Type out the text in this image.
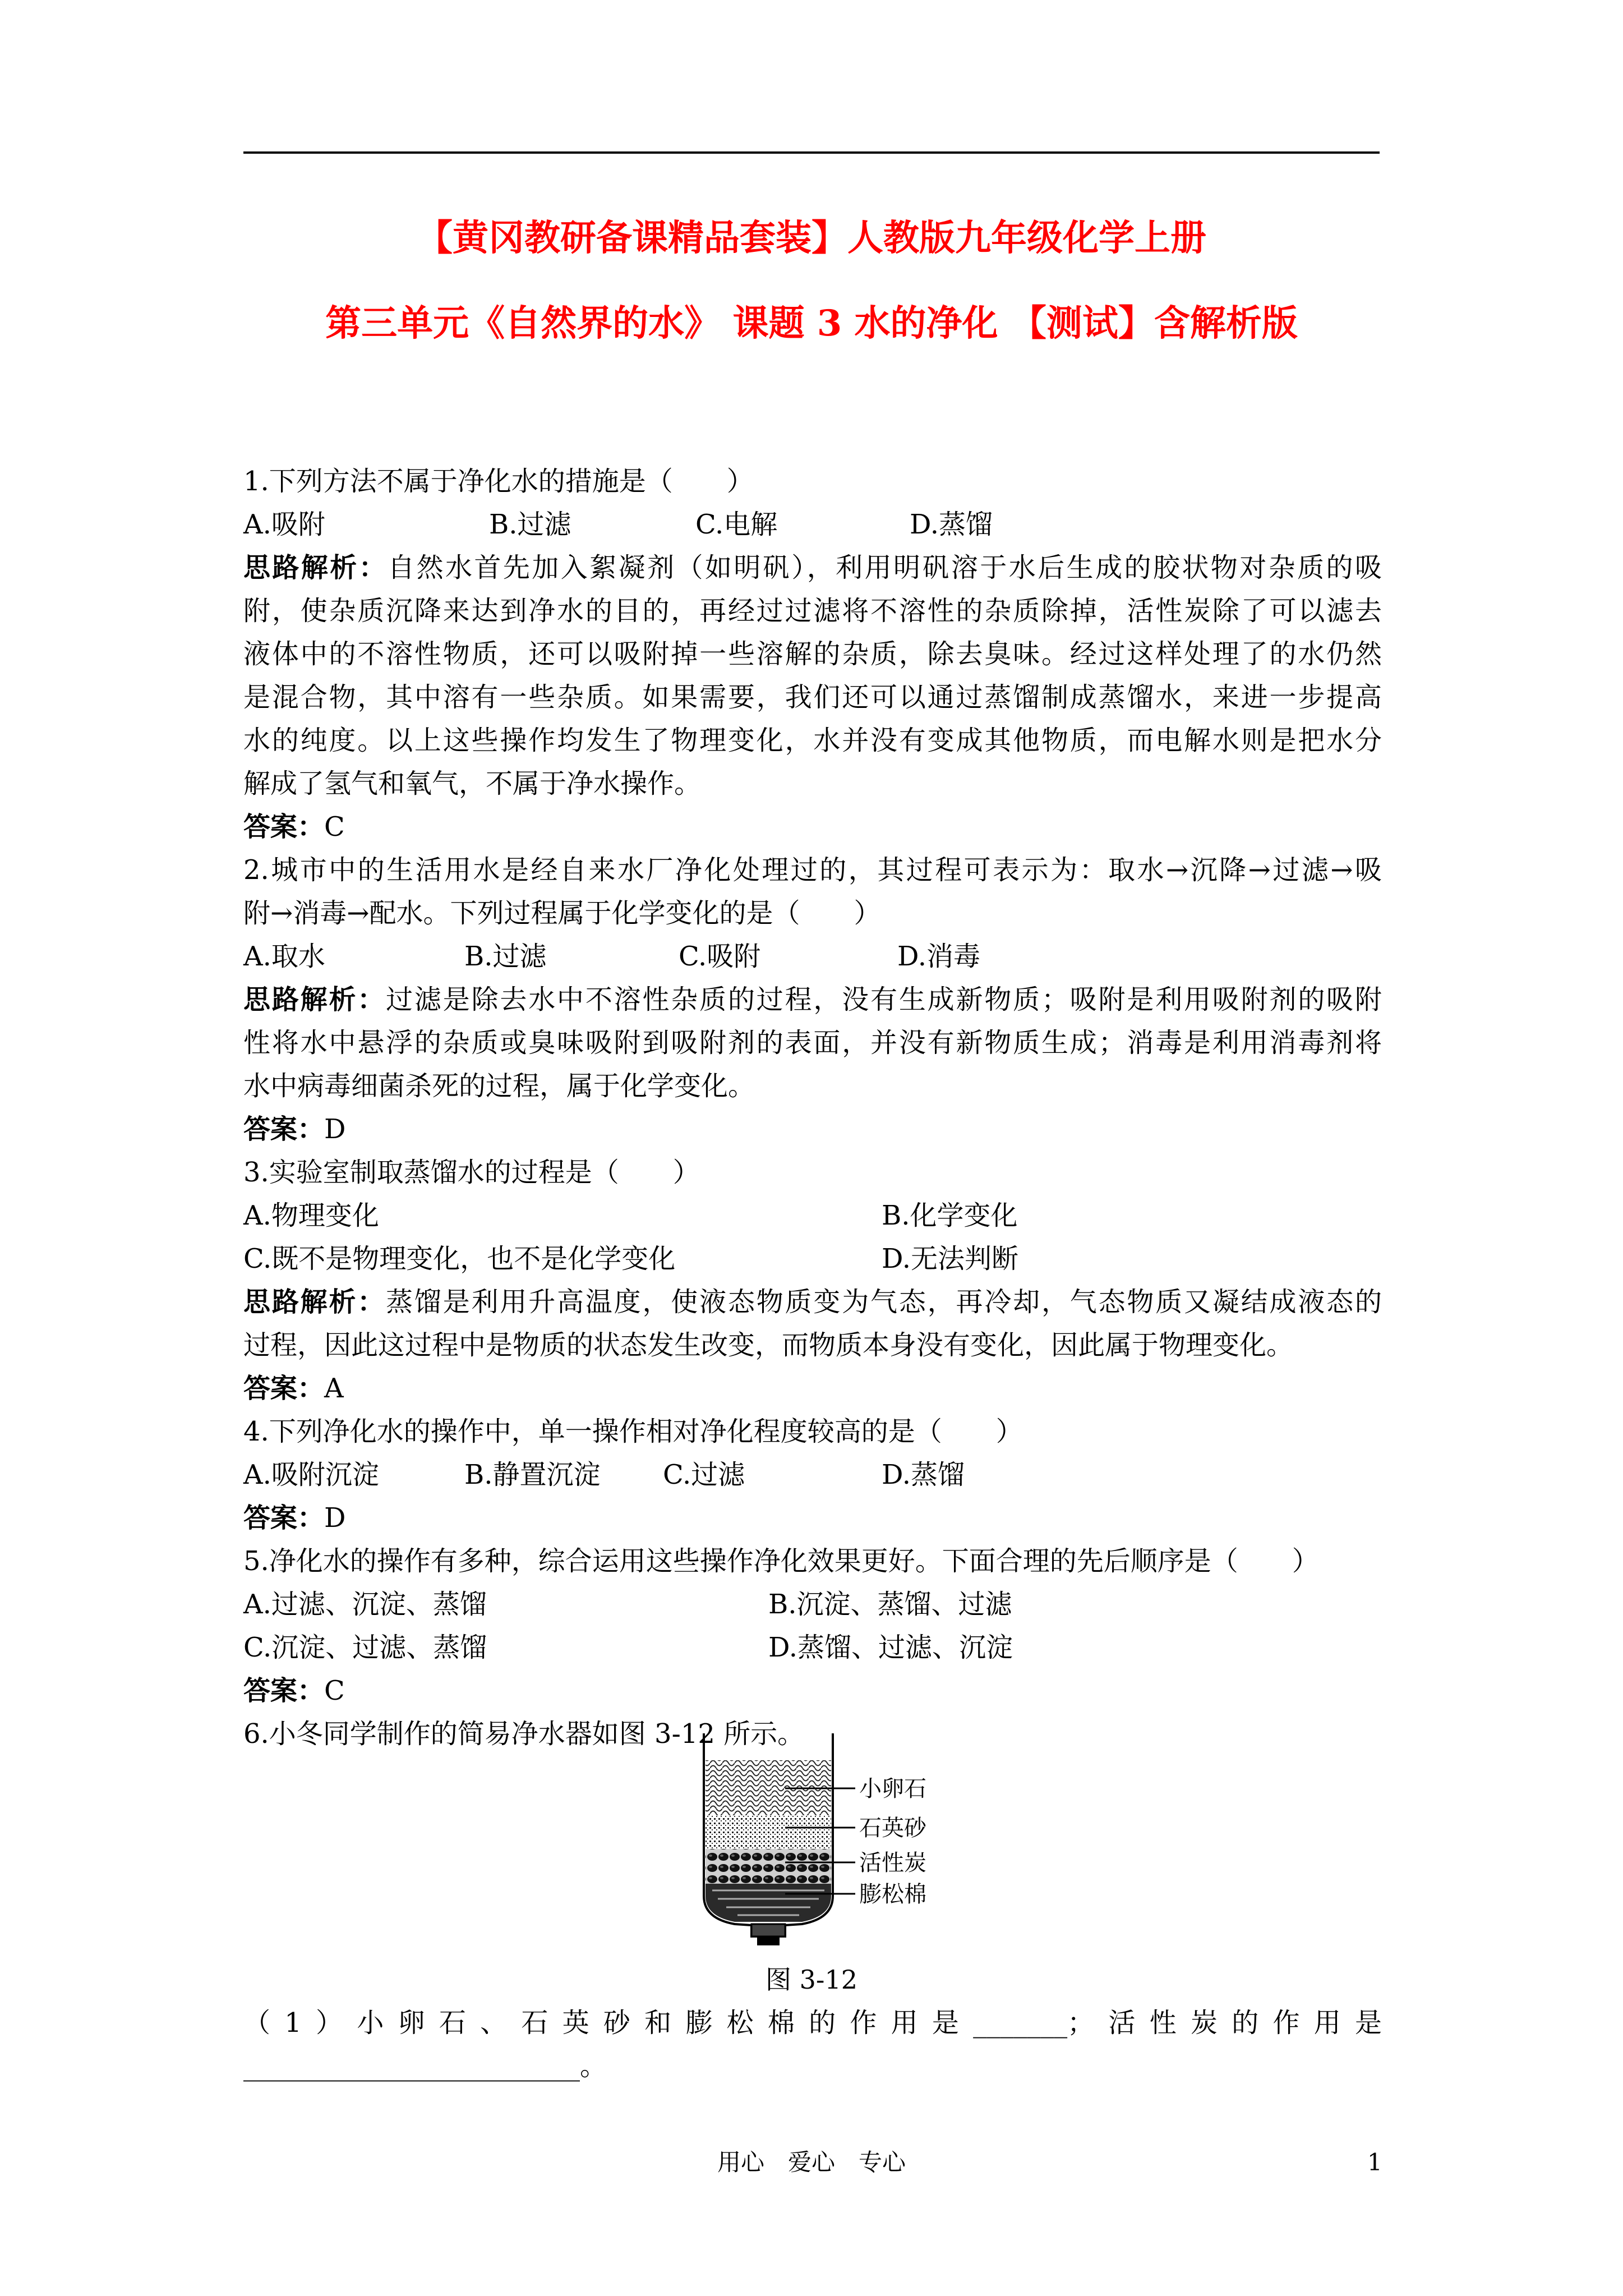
【黄冈教研备课精品套装】人教版九年级化学上册
第三单元《自然界的水》 课题 3 水的净化 【测试】含解析版
1.下列方法不属于净化水的措施是（　　）
A.吸附	B.过滤	C.电解	D.蒸馏
思路解析：自然水首先加入絮凝剂（如明矾），利用明矾溶于水后生成的胶状物对杂质的吸
附，使杂质沉降来达到净水的目的，再经过过滤将不溶性的杂质除掉，活性炭除了可以滤去
液体中的不溶性物质，还可以吸附掉一些溶解的杂质，除去臭味。经过这样处理了的水仍然
是混合物，其中溶有一些杂质。如果需要，我们还可以通过蒸馏制成蒸馏水，来进一步提高
水的纯度。以上这些操作均发生了物理变化，水并没有变成其他物质，而电解水则是把水分
解成了氢气和氧气，不属于净水操作。
答案：C
2.城市中的生活用水是经自来水厂净化处理过的，其过程可表示为：取水→沉降→过滤→吸
附→消毒→配水。下列过程属于化学变化的是（　　）
A.取水	B.过滤	C.吸附	D.消毒
思路解析：过滤是除去水中不溶性杂质的过程，没有生成新物质；吸附是利用吸附剂的吸附
性将水中悬浮的杂质或臭味吸附到吸附剂的表面，并没有新物质生成；消毒是利用消毒剂将
水中病毒细菌杀死的过程，属于化学变化。
答案：D
3.实验室制取蒸馏水的过程是（　　）
A.物理变化	B.化学变化
C.既不是物理变化，也不是化学变化	D.无法判断
思路解析：蒸馏是利用升高温度，使液态物质变为气态，再冷却，气态物质又凝结成液态的
过程，因此这过程中是物质的状态发生改变，而物质本身没有变化，因此属于物理变化。
答案：A
4.下列净化水的操作中，单一操作相对净化程度较高的是（　　）
A.吸附沉淀	B.静置沉淀 C.过滤	D.蒸馏
答案：D
5.净化水的操作有多种，综合运用这些操作净化效果更好。下面合理的先后顺序是（　　）
A.过滤、沉淀、蒸馏	B.沉淀、蒸馏、过滤
C.沉淀、过滤、蒸馏	D.蒸馏、过滤、沉淀
答案：C
6.小冬同学制作的简易净水器如图 3-12 所示。
小卵石
石英砂
活性炭
膨松棉
图 3-12
（1）小卵石、石英砂和膨松棉的作用是_______；活性炭的作用是
_________________________。
用心　爱心　专心	1
